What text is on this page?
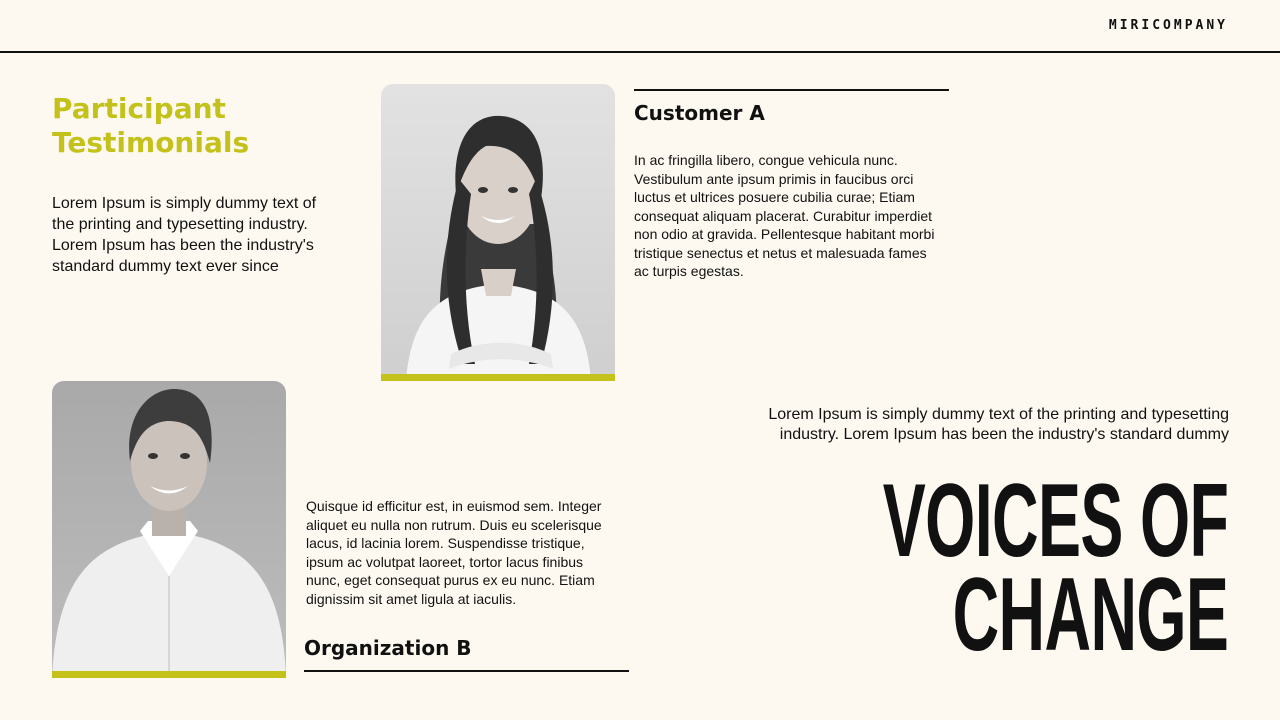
MIRICOMPANY
Participant
Testimonials
Lorem Ipsum is simply dummy text of the printing and typesetting industry. Lorem Ipsum has been the industry's standard dummy text ever since
Customer A
In ac fringilla libero, congue vehicula nunc. Vestibulum ante ipsum primis in faucibus orci luctus et ultrices posuere cubilia curae; Etiam consequat aliquam placerat. Curabitur imperdiet non odio at gravida. Pellentesque habitant morbi tristique senectus et netus et malesuada fames ac turpis egestas.
Quisque id efficitur est, in euismod sem. Integer aliquet eu nulla non rutrum. Duis eu scelerisque lacus, id lacinia lorem. Suspendisse tristique, ipsum ac volutpat laoreet, tortor lacus finibus nunc, eget consequat purus ex eu nunc. Etiam dignissim sit amet ligula at iaculis.
Organization B
Lorem Ipsum is simply dummy text of the printing and typesetting industry. Lorem Ipsum has been the industry's standard dummy
VOICES OF
CHANGE
